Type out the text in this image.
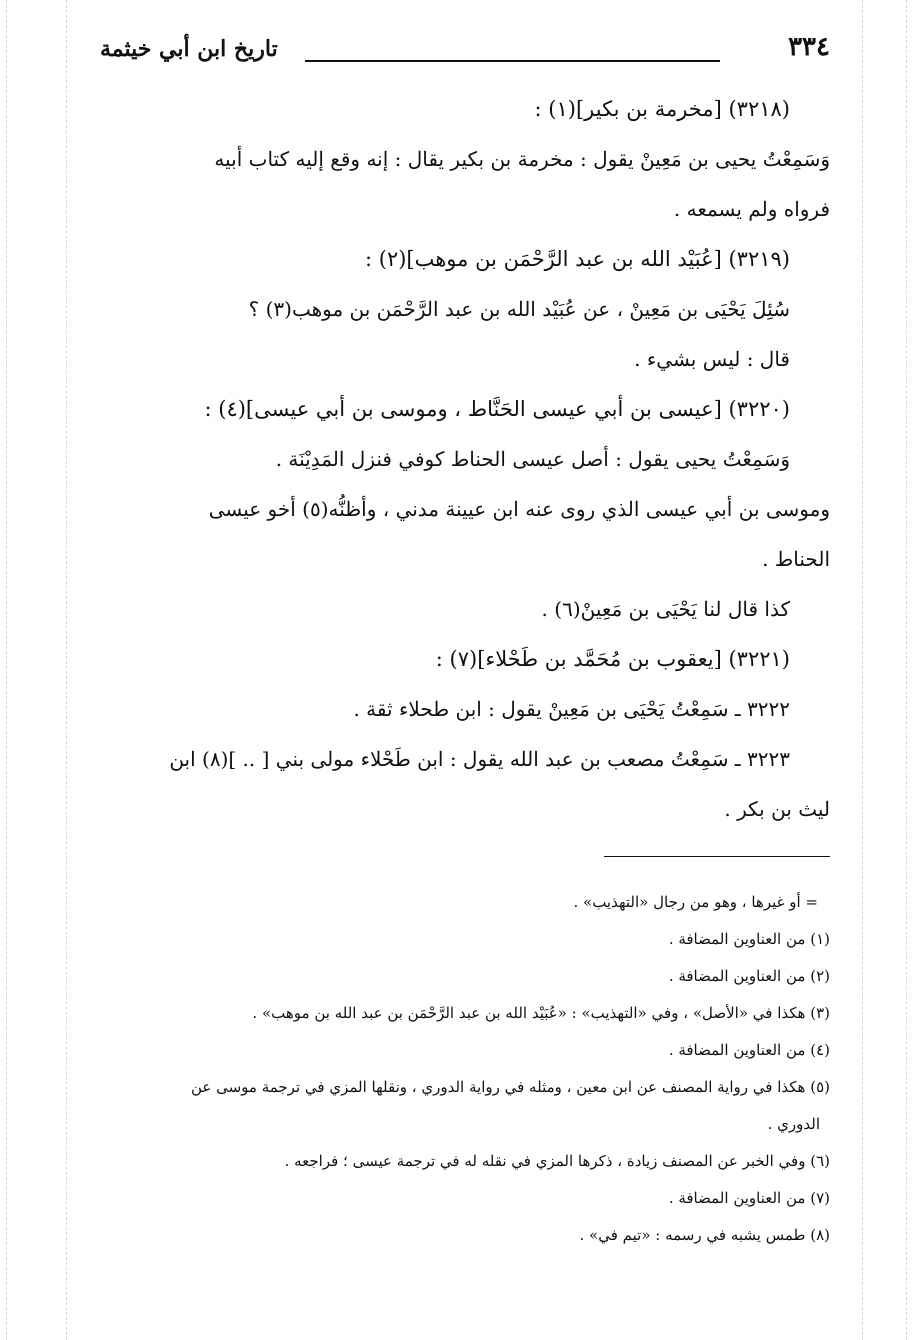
٣٣٤
تاريخ ابن أبي خيثمة

(٣٢١٨) [مخرمة بن بكير](١) :

وَسَمِعْتُ يحيى بن مَعِينْ يقول : مخرمة بن بكير يقال : إنه وقع إليه كتاب أبيه

فرواه ولم يسمعه .

(٣٢١٩) [عُبَيْد الله بن عبد الرَّحْمَن بن موهب](٢) :

سُئِلَ يَحْيَى بن مَعِينْ ، عن عُبَيْد الله بن عبد الرَّحْمَن بن موهب(٣) ؟

قال : ليس بشيء .

(٣٢٢٠) [عيسى بن أبي عيسى الحَنَّاط ، وموسى بن أبي عيسى](٤) :

وَسَمِعْتُ يحيى يقول : أصل عيسى الحناط كوفي فنزل المَدِيْنَة .

وموسى بن أبي عيسى الذي روى عنه ابن عيينة مدني ، وأظنُّه(٥) أخو عيسى

الحناط .

كذا قال لنا يَحْيَى بن مَعِينْ(٦) .

(٣٢٢١) [يعقوب بن مُحَمَّد بن طَحْلاء](٧) :

٣٢٢٢ ـ سَمِعْتُ يَحْيَى بن مَعِينْ يقول : ابن طحلاء ثقة .

٣٢٢٣ ـ سَمِعْتُ مصعب بن عبد الله يقول : ابن طَحْلاء مولى بني [ .. ](٨) ابن

ليث بن بكر .

= أو غيرها ، وهو من رجال «التهذيب» .

(١) من العناوين المضافة .

(٢) من العناوين المضافة .

(٣) هكذا في «الأصل» ، وفي «التهذيب» : «عُبَيْد الله بن عبد الرَّحْمَن بن عبد الله بن موهب» .

(٤) من العناوين المضافة .

(٥) هكذا في رواية المصنف عن ابن معين ، ومثله في رواية الدوري ، ونقلها المزي في ترجمة موسى عن

الدوري .

(٦) وفي الخبر عن المصنف زيادة ، ذكرها المزي في نقله له في ترجمة عيسى ؛ فراجعه .

(٧) من العناوين المضافة .

(٨) طمس يشبه في رسمه : «تيم في» .
